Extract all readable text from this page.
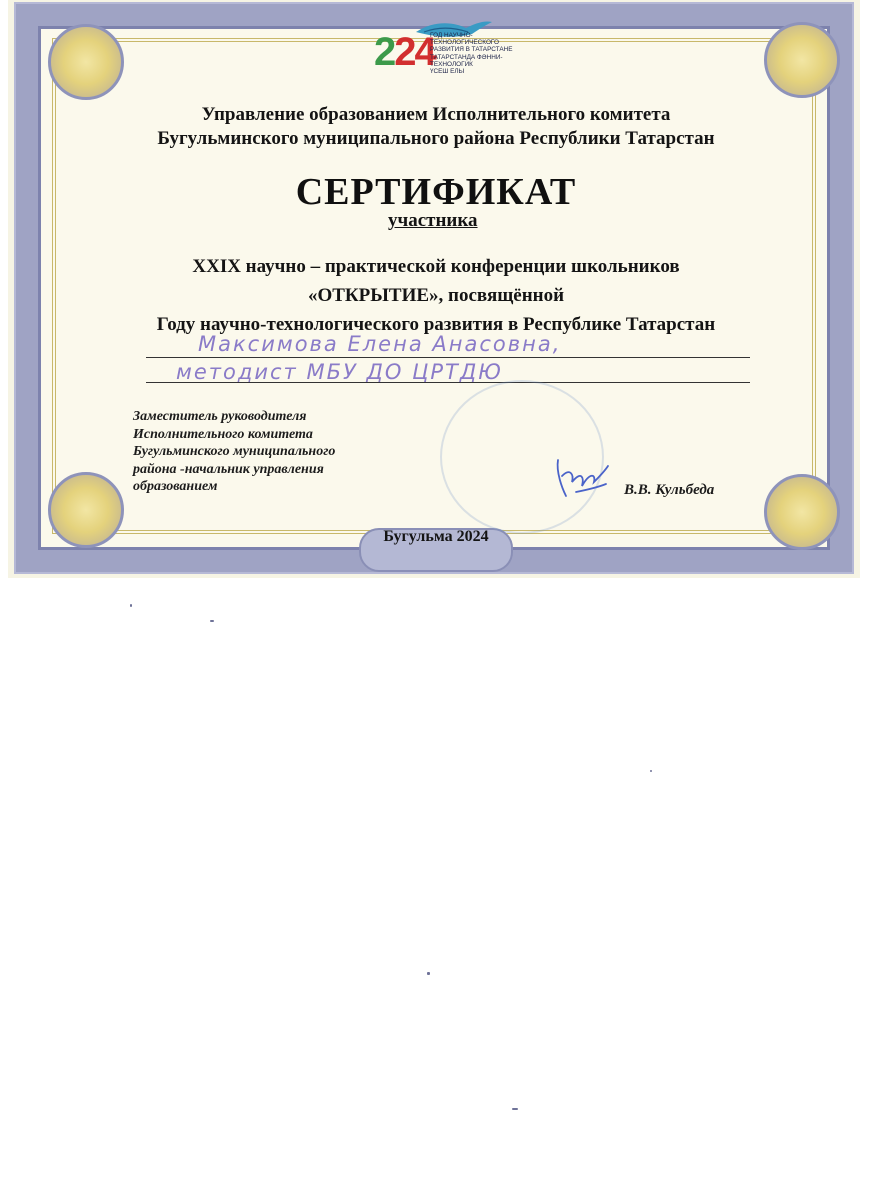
224
ГОД НАУЧНО-ТЕХНОЛОГИЧЕСКОГО
РАЗВИТИЯ В ТАТАРСТАНЕ
ТАТАРСТАНДА ФӘННИ-ТЕХНОЛОГИК
ҮСЕШ ЕЛЫ
Управление образованием Исполнительного комитета
Бугульминского муниципального района Республики Татарстан
СЕРТИФИКАТ
участника
XXIX научно – практической конференции школьников
«ОТКРЫТИЕ», посвящённой
Году научно-технологического развития в Республике Татарстан
Максимова Елена Анасовна,
методист МБУ ДО ЦРТДЮ
Заместитель руководителя
Исполнительного комитета
Бугульминского муниципального
района -начальник управления
образованием	В.В. Кульбеда
Бугульма 2024
